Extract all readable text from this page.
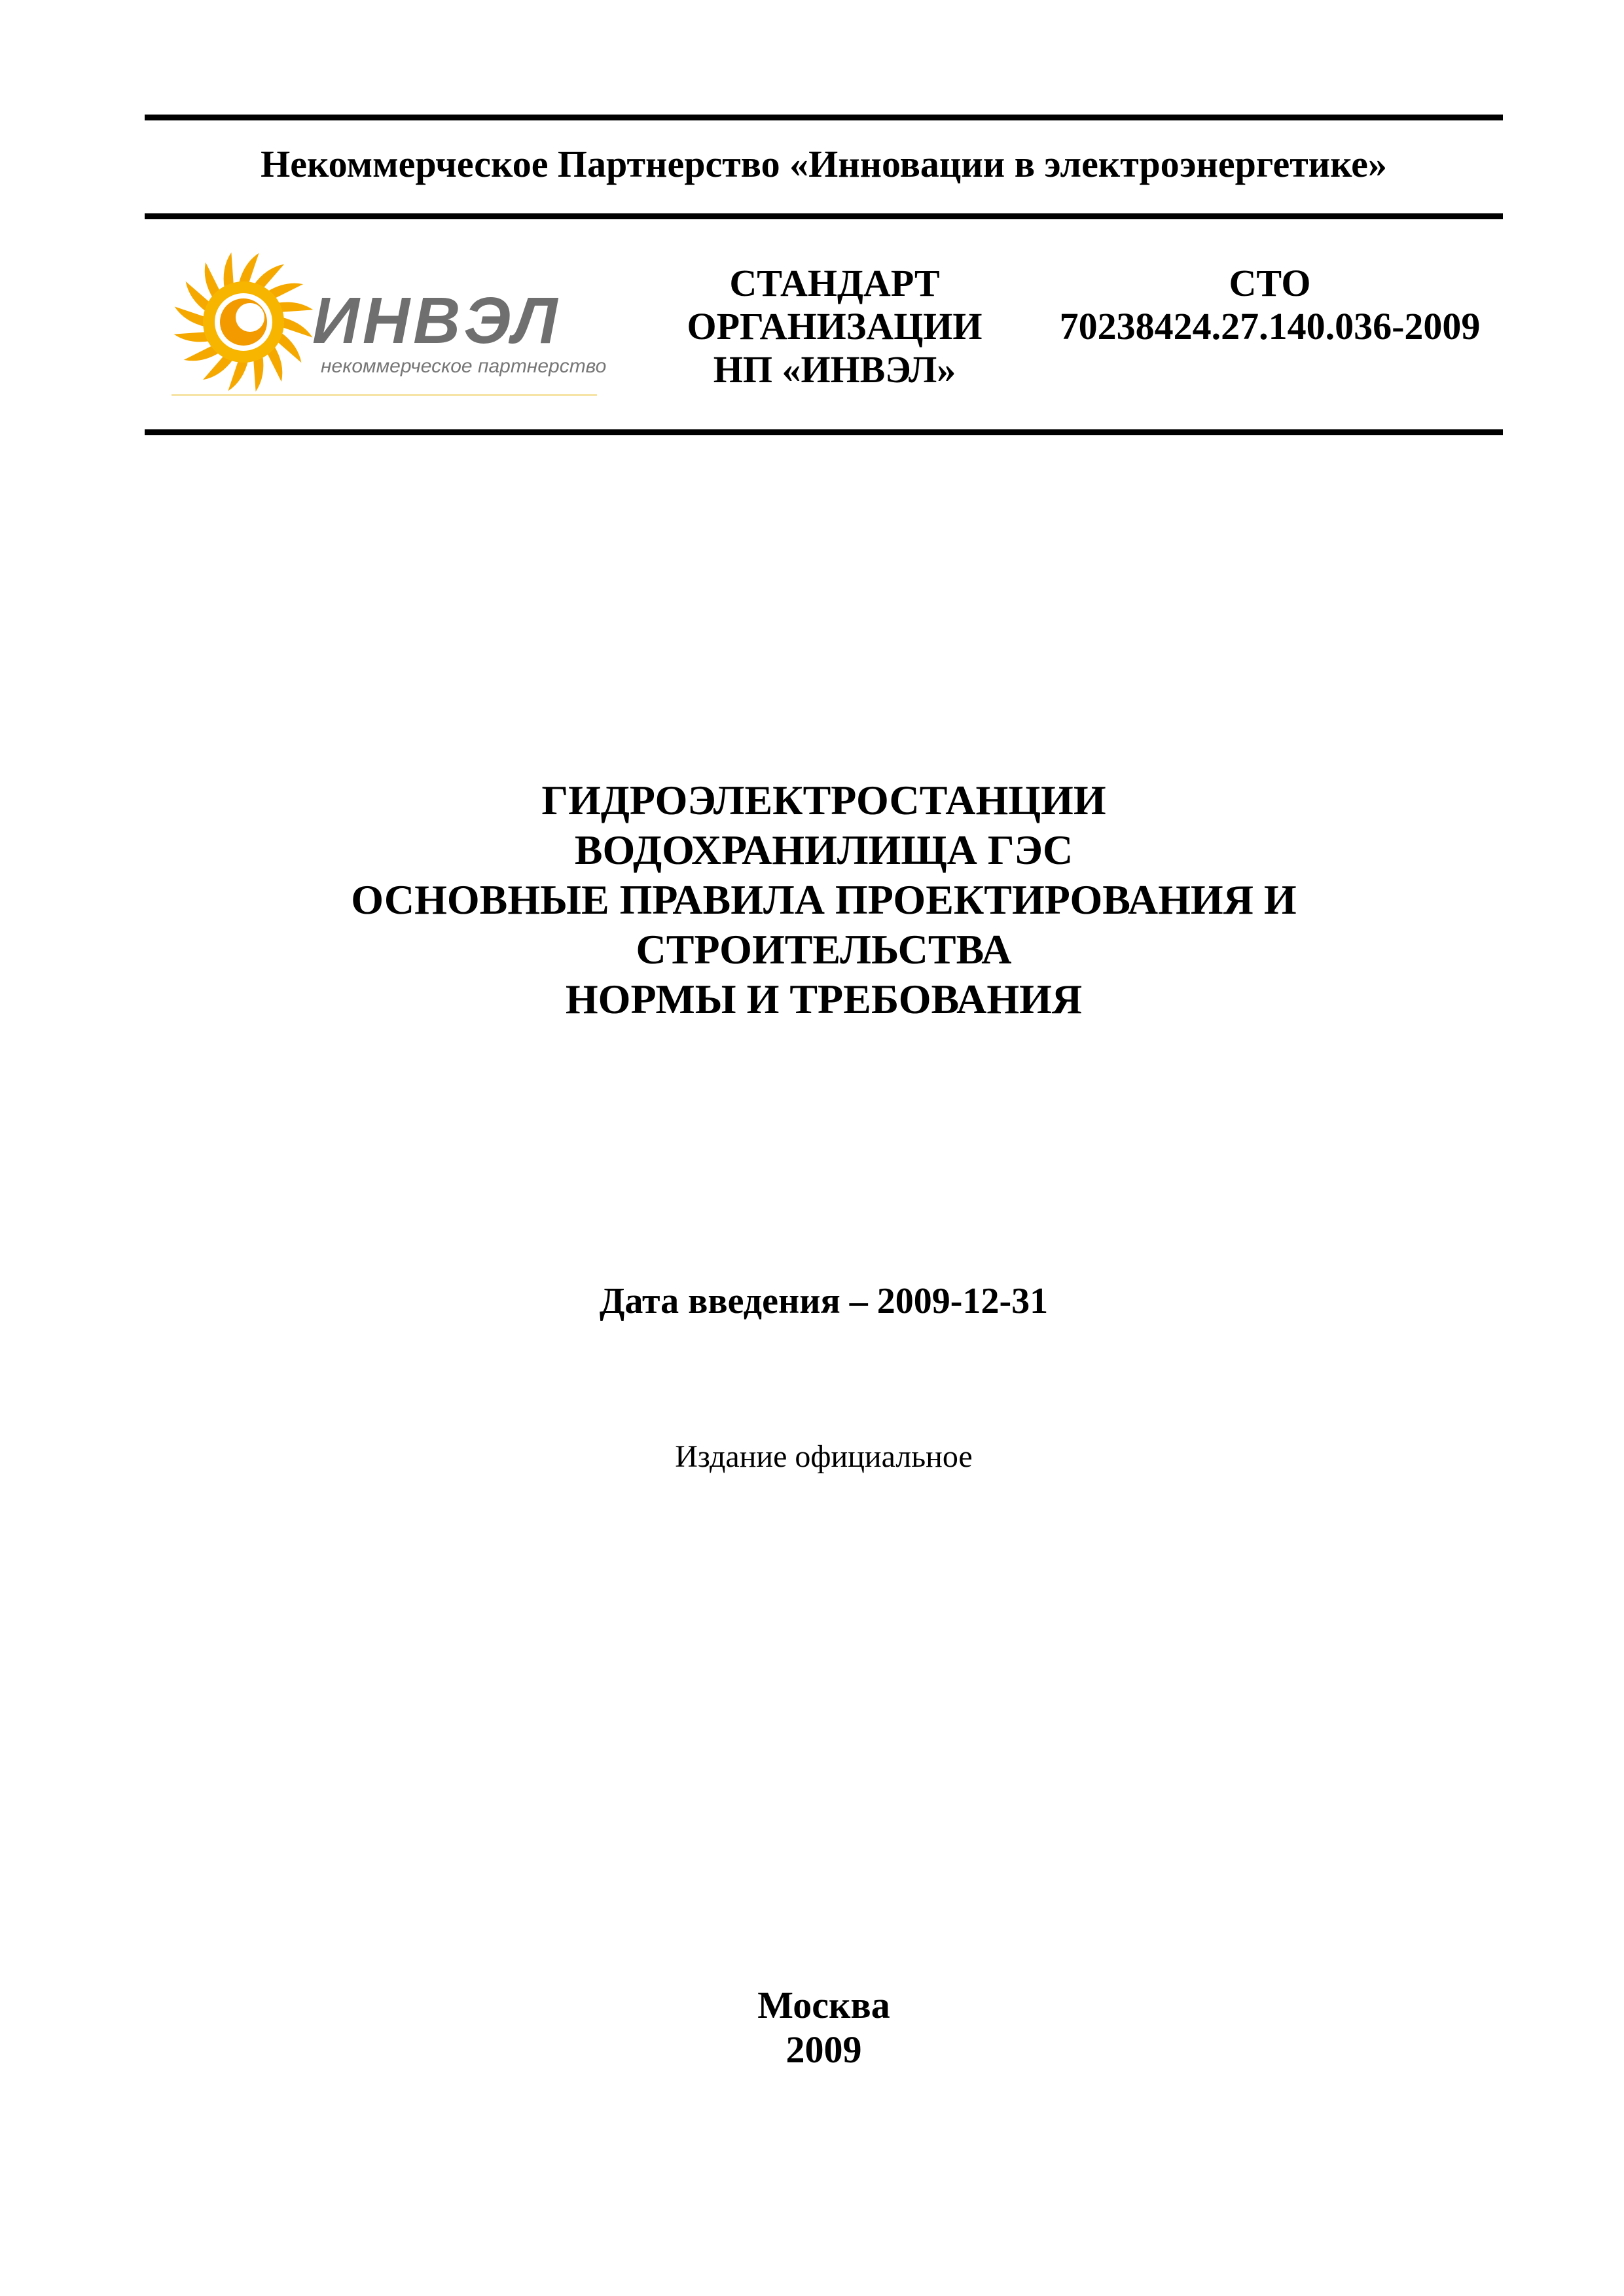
Некоммерческое Партнерство «Инновации в электроэнергетике»
ИНВЭЛ
некоммерческое партнерство
СТАНДАРТ
ОРГАНИЗАЦИИ
НП «ИНВЭЛ»
СТО
70238424.27.140.036-2009
ГИДРОЭЛЕКТРОСТАНЦИИ
ВОДОХРАНИЛИЩА ГЭС
ОСНОВНЫЕ ПРАВИЛА ПРОЕКТИРОВАНИЯ И
СТРОИТЕЛЬСТВА
НОРМЫ И ТРЕБОВАНИЯ
Дата введения – 2009-12-31
Издание официальное
Москва
2009
